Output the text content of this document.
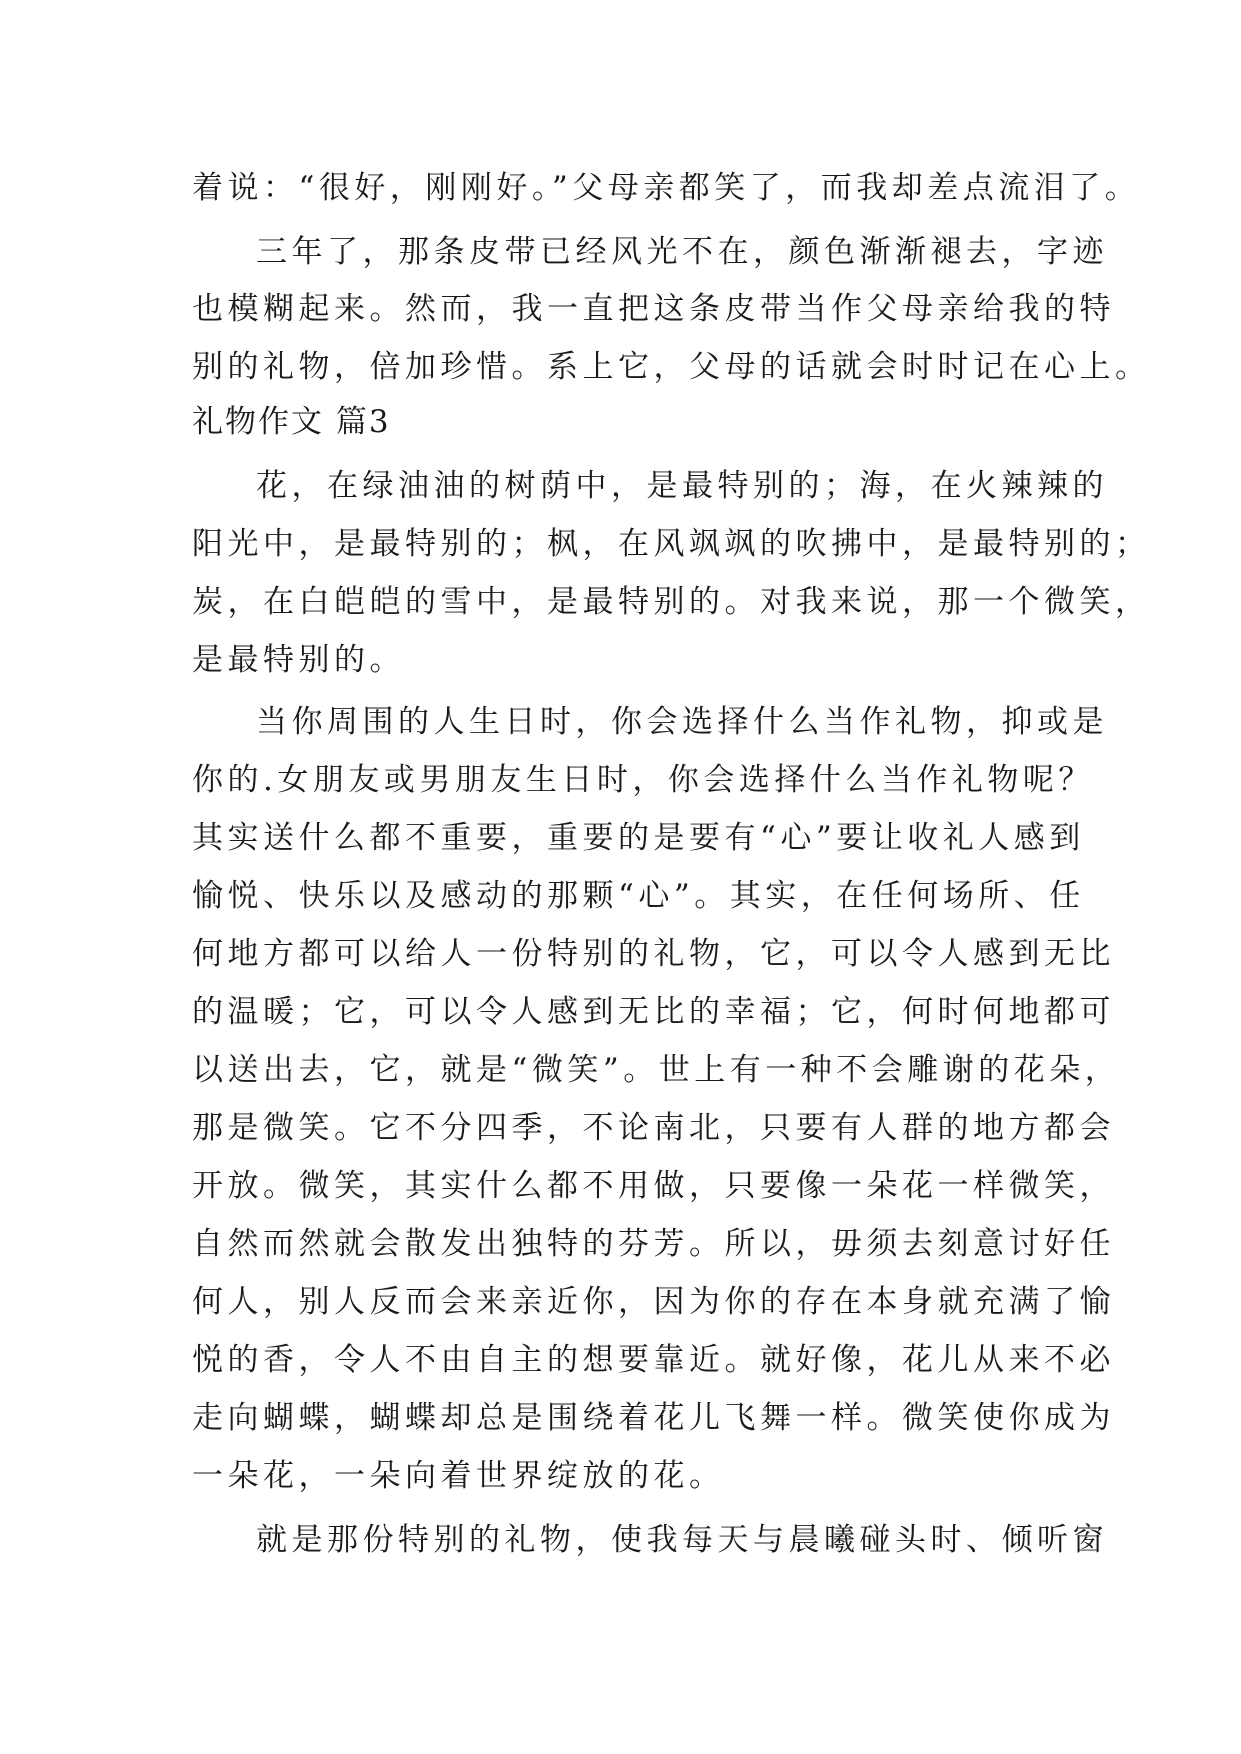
着说：“很好，刚刚好。”父母亲都笑了，而我却差点流泪了。
三年了，那条皮带已经风光不在，颜色渐渐褪去，字迹
也模糊起来。然而，我一直把这条皮带当作父母亲给我的特
别的礼物，倍加珍惜。系上它，父母的话就会时时记在心上。
礼物作文 篇3
花，在绿油油的树荫中，是最特别的；海，在火辣辣的
阳光中，是最特别的；枫，在风飒飒的吹拂中，是最特别的；
炭，在白皑皑的雪中，是最特别的。对我来说，那一个微笑，
是最特别的。
当你周围的人生日时，你会选择什么当作礼物，抑或是
你的.女朋友或男朋友生日时，你会选择什么当作礼物呢？
其实送什么都不重要，重要的是要有“心”要让收礼人感到
愉悦、快乐以及感动的那颗“心”。其实，在任何场所、任
何地方都可以给人一份特别的礼物，它，可以令人感到无比
的温暖；它，可以令人感到无比的幸福；它，何时何地都可
以送出去，它，就是“微笑”。世上有一种不会雕谢的花朵，
那是微笑。它不分四季，不论南北，只要有人群的地方都会
开放。微笑，其实什么都不用做，只要像一朵花一样微笑，
自然而然就会散发出独特的芬芳。所以，毋须去刻意讨好任
何人，别人反而会来亲近你，因为你的存在本身就充满了愉
悦的香，令人不由自主的想要靠近。就好像，花儿从来不必
走向蝴蝶，蝴蝶却总是围绕着花儿飞舞一样。微笑使你成为
一朵花，一朵向着世界绽放的花。
就是那份特别的礼物，使我每天与晨曦碰头时、倾听窗
